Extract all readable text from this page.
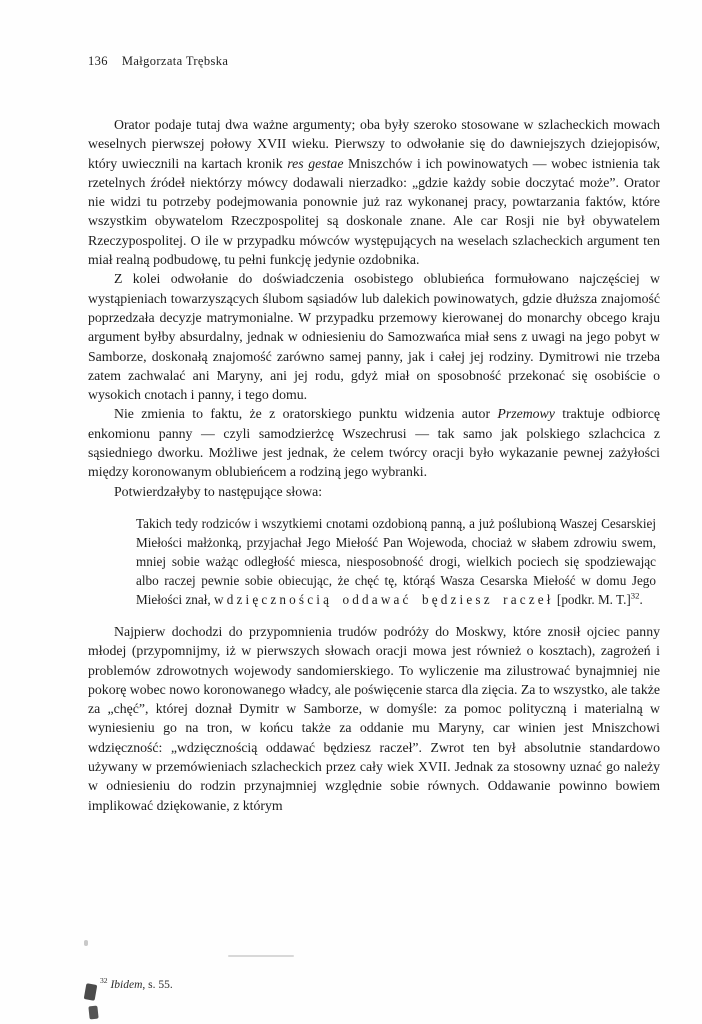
136 Małgorzata Trębska

Orator podaje tutaj dwa ważne argumenty; oba były szeroko stosowane w szlacheckich mowach weselnych pierwszej połowy XVII wieku. Pierwszy to odwołanie się do dawniejszych dziejopisów, który uwiecznili na kartach kronik res gestae Mniszchów i ich powinowatych — wobec istnienia tak rzetelnych źródeł niektórzy mówcy dodawali nierzadko: „gdzie każdy sobie doczytać może”. Orator nie widzi tu potrzeby podejmowania ponownie już raz wykonanej pracy, powtarzania faktów, które wszystkim obywatelom Rzeczpospolitej są doskonale znane. Ale car Rosji nie był obywatelem Rzeczypospolitej. O ile w przypadku mówców występujących na weselach szlacheckich argument ten miał realną podbudowę, tu pełni funkcję jedynie ozdobnika.

Z kolei odwołanie do doświadczenia osobistego oblubieńca formułowano najczęściej w wystąpieniach towarzyszących ślubom sąsiadów lub dalekich powinowatych, gdzie dłuższa znajomość poprzedzała decyzje matrymonialne. W przypadku przemowy kierowanej do monarchy obcego kraju argument byłby absurdalny, jednak w odniesieniu do Samozwańca miał sens z uwagi na jego pobyt w Samborze, doskonałą znajomość zarówno samej panny, jak i całej jej rodziny. Dymitrowi nie trzeba zatem zachwalać ani Maryny, ani jej rodu, gdyż miał on sposobność przekonać się osobiście o wysokich cnotach i panny, i tego domu.

Nie zmienia to faktu, że z oratorskiego punktu widzenia autor Przemowy traktuje odbiorcę enkomionu panny — czyli samodzierżcę Wszechrusi — tak samo jak polskiego szlachcica z sąsiedniego dworku. Możliwe jest jednak, że celem twórcy oracji było wykazanie pewnej zażyłości między koronowanym oblubieńcem a rodziną jego wybranki.

Potwierdzałyby to następujące słowa:

Takich tedy rodziców i wszytkiemi cnotami ozdobioną panną, a już poślubioną Waszej Cesarskiej Miełości małżonką, przyjachał Jego Miełość Pan Wojewoda, chociaż w słabem zdrowiu swem, mniej sobie ważąc odległość miesca, niesposobność drogi, wielkich pociech się spodziewając albo raczej pewnie sobie obiecując, że chęć tę, którąś Wasza Cesarska Miełość w domu Jego Miełości znał, wdzięcznością oddawać będziesz raczeł [podkr. M. T.]$^{32}$.

Najpierw dochodzi do przypomnienia trudów podróży do Moskwy, które znosił ojciec panny młodej (przypomnijmy, iż w pierwszych słowach oracji mowa jest również o kosztach), zagrożeń i problemów zdrowotnych wojewody sandomierskiego. To wyliczenie ma zilustrować bynajmniej nie pokorę wobec nowo koronowanego władcy, ale poświęcenie starca dla zięcia. Za to wszystko, ale także za „chęć”, której doznał Dymitr w Samborze, w domyśle: za pomoc polityczną i materialną w wyniesieniu go na tron, w końcu także za oddanie mu Maryny, car winien jest Mniszchowi wdzięczność: „wdzięcznością oddawać będziesz raczeł”. Zwrot ten był absolutnie standardowo używany w przemówieniach szlacheckich przez cały wiek XVII. Jednak za stosowny uznać go należy w odniesieniu do rodzin przynajmniej względnie sobie równych. Oddawanie powinno bowiem implikować dziękowanie, z którym

$^{32}$ Ibidem, s. 55.
